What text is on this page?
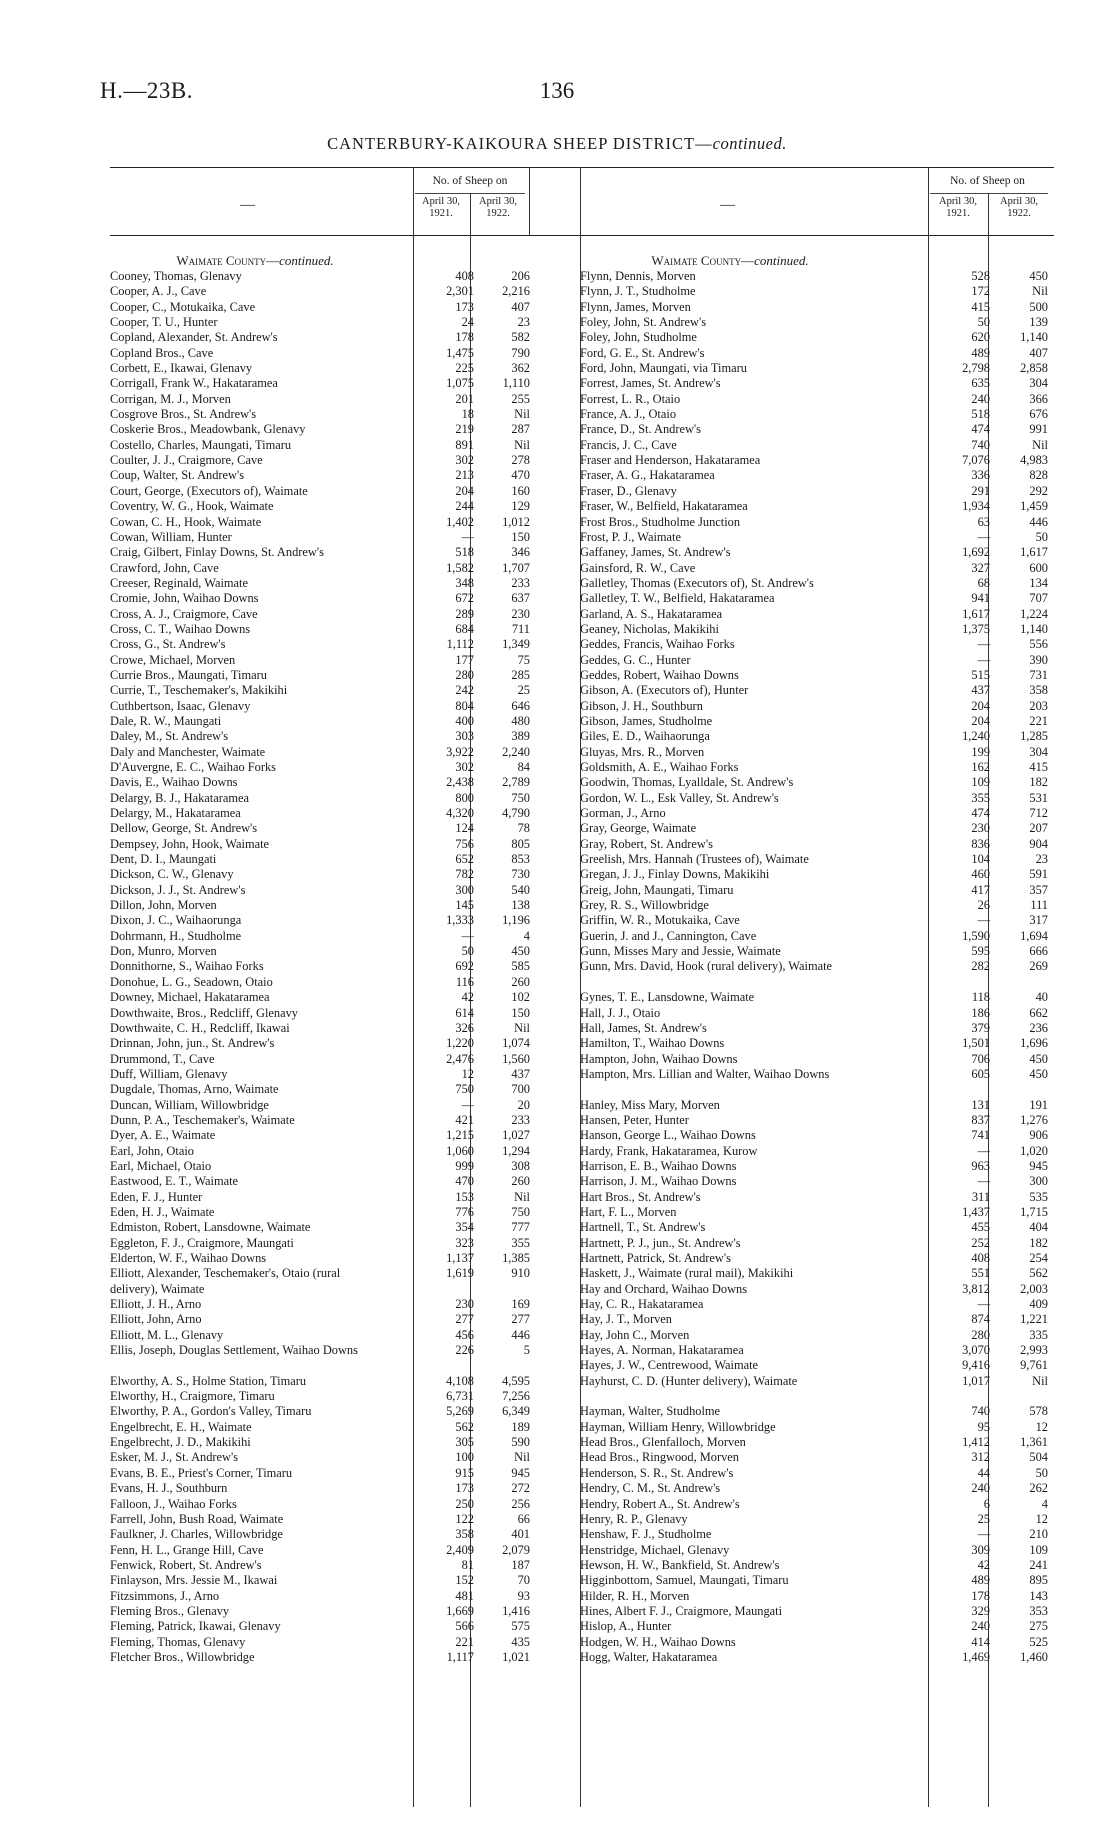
H.—23B.	136
CANTERBURY-KAIKOURA SHEEP DISTRICT—continued.
—
No. of Sheep on
April 30, 1921.
April 30, 1922.
Waimate County—continued.
Cooney, Thomas, Glenavy	408	206
Cooper, A. J., Cave	2,301	2,216
Cooper, C., Motukaika, Cave	173	407
Cooper, T. U., Hunter	24	23
Copland, Alexander, St. Andrew's	178	582
Copland Bros., Cave	1,475	790
Corbett, E., Ikawai, Glenavy	225	362
Corrigall, Frank W., Hakataramea	1,075	1,110
Corrigan, M. J., Morven	201	255
Cosgrove Bros., St. Andrew's	18	Nil
Coskerie Bros., Meadowbank, Glenavy	219	287
Costello, Charles, Maungati, Timaru	891	Nil
Coulter, J. J., Craigmore, Cave	302	278
Coup, Walter, St. Andrew's	213	470
Court, George, (Executors of), Waimate	204	160
Coventry, W. G., Hook, Waimate	244	129
Cowan, C. H., Hook, Waimate	1,402	1,012
Cowan, William, Hunter	—	150
Craig, Gilbert, Finlay Downs, St. Andrew's	518	346
Crawford, John, Cave	1,582	1,707
Creeser, Reginald, Waimate	348	233
Cromie, John, Waihao Downs	672	637
Cross, A. J., Craigmore, Cave	289	230
Cross, C. T., Waihao Downs	684	711
Cross, G., St. Andrew's	1,112	1,349
Crowe, Michael, Morven	177	75
Currie Bros., Maungati, Timaru	280	285
Currie, T., Teschemaker's, Makikihi	242	25
Cuthbertson, Isaac, Glenavy	804	646
Dale, R. W., Maungati	400	480
Daley, M., St. Andrew's	303	389
Daly and Manchester, Waimate	3,922	2,240
D'Auvergne, E. C., Waihao Forks	302	84
Davis, E., Waihao Downs	2,438	2,789
Delargy, B. J., Hakataramea	800	750
Delargy, M., Hakataramea	4,320	4,790
Dellow, George, St. Andrew's	124	78
Dempsey, John, Hook, Waimate	756	805
Dent, D. I., Maungati	652	853
Dickson, C. W., Glenavy	782	730
Dickson, J. J., St. Andrew's	300	540
Dillon, John, Morven	145	138
Dixon, J. C., Waihaorunga	1,333	1,196
Dohrmann, H., Studholme	—	4
Don, Munro, Morven	50	450
Donnithorne, S., Waihao Forks	692	585
Donohue, L. G., Seadown, Otaio	116	260
Downey, Michael, Hakataramea	42	102
Dowthwaite, Bros., Redcliff, Glenavy	614	150
Dowthwaite, C. H., Redcliff, Ikawai	326	Nil
Drinnan, John, jun., St. Andrew's	1,220	1,074
Drummond, T., Cave	2,476	1,560
Duff, William, Glenavy	12	437
Dugdale, Thomas, Arno, Waimate	750	700
Duncan, William, Willowbridge	—	20
Dunn, P. A., Teschemaker's, Waimate	421	233
Dyer, A. E., Waimate	1,215	1,027
Earl, John, Otaio	1,060	1,294
Earl, Michael, Otaio	999	308
Eastwood, E. T., Waimate	470	260
Eden, F. J., Hunter	153	Nil
Eden, H. J., Waimate	776	750
Edmiston, Robert, Lansdowne, Waimate	354	777
Eggleton, F. J., Craigmore, Maungati	323	355
Elderton, W. F., Waihao Downs	1,137	1,385
Elliott, Alexander, Teschemaker's, Otaio (rural delivery), Waimate
1,619	910
Elliott, J. H., Arno	230	169
Elliott, John, Arno	277	277
Elliott, M. L., Glenavy	456	446
Ellis, Joseph, Douglas Settlement, Waihao Downs	226	5
Elworthy, A. S., Holme Station, Timaru	4,108	4,595
Elworthy, H., Craigmore, Timaru	6,731	7,256
Elworthy, P. A., Gordon's Valley, Timaru	5,269	6,349
Engelbrecht, E. H., Waimate	562	189
Engelbrecht, J. D., Makikihi	305	590
Esker, M. J., St. Andrew's	100	Nil
Evans, B. E., Priest's Corner, Timaru	915	945
Evans, H. J., Southburn	173	272
Falloon, J., Waihao Forks	250	256
Farrell, John, Bush Road, Waimate	122	66
Faulkner, J. Charles, Willowbridge	358	401
Fenn, H. L., Grange Hill, Cave	2,409	2,079
Fenwick, Robert, St. Andrew's	81	187
Finlayson, Mrs. Jessie M., Ikawai	152	70
Fitzsimmons, J., Arno	481	93
Fleming Bros., Glenavy	1,669	1,416
Fleming, Patrick, Ikawai, Glenavy	566	575
Fleming, Thomas, Glenavy	221	435
Fletcher Bros., Willowbridge	1,117	1,021
—
No. of Sheep on
April 30, 1921.
April 30, 1922.
Waimate County—continued.
Flynn, Dennis, Morven	528	450
Flynn, J. T., Studholme	172	Nil
Flynn, James, Morven	415	500
Foley, John, St. Andrew's	50	139
Foley, John, Studholme	620	1,140
Ford, G. E., St. Andrew's	489	407
Ford, John, Maungati, via Timaru	2,798	2,858
Forrest, James, St. Andrew's	635	304
Forrest, L. R., Otaio	240	366
France, A. J., Otaio	518	676
France, D., St. Andrew's	474	991
Francis, J. C., Cave	740	Nil
Fraser and Henderson, Hakataramea	7,076	4,983
Fraser, A. G., Hakataramea	336	828
Fraser, D., Glenavy	291	292
Fraser, W., Belfield, Hakataramea	1,934	1,459
Frost Bros., Studholme Junction	63	446
Frost, P. J., Waimate	—	50
Gaffaney, James, St. Andrew's	1,692	1,617
Gainsford, R. W., Cave	327	600
Galletley, Thomas (Executors of), St. Andrew's	68	134
Galletley, T. W., Belfield, Hakataramea	941	707
Garland, A. S., Hakataramea	1,617	1,224
Geaney, Nicholas, Makikihi	1,375	1,140
Geddes, Francis, Waihao Forks	—	556
Geddes, G. C., Hunter	—	390
Geddes, Robert, Waihao Downs	515	731
Gibson, A. (Executors of), Hunter	437	358
Gibson, J. H., Southburn	204	203
Gibson, James, Studholme	204	221
Giles, E. D., Waihaorunga	1,240	1,285
Gluyas, Mrs. R., Morven	199	304
Goldsmith, A. E., Waihao Forks	162	415
Goodwin, Thomas, Lyalldale, St. Andrew's	109	182
Gordon, W. L., Esk Valley, St. Andrew's	355	531
Gorman, J., Arno	474	712
Gray, George, Waimate	230	207
Gray, Robert, St. Andrew's	836	904
Greelish, Mrs. Hannah (Trustees of), Waimate	104	23
Gregan, J. J., Finlay Downs, Makikihi	460	591
Greig, John, Maungati, Timaru	417	357
Grey, R. S., Willowbridge	26	111
Griffin, W. R., Motukaika, Cave	—	317
Guerin, J. and J., Cannington, Cave	1,590	1,694
Gunn, Misses Mary and Jessie, Waimate	595	666
Gunn, Mrs. David, Hook (rural delivery), Waimate	282	269
Gynes, T. E., Lansdowne, Waimate	118	40
Hall, J. J., Otaio	186	662
Hall, James, St. Andrew's	379	236
Hamilton, T., Waihao Downs	1,501	1,696
Hampton, John, Waihao Downs	706	450
Hampton, Mrs. Lillian and Walter, Waihao Downs	605	450
Hanley, Miss Mary, Morven	131	191
Hansen, Peter, Hunter	837	1,276
Hanson, George L., Waihao Downs	741	906
Hardy, Frank, Hakataramea, Kurow	—	1,020
Harrison, E. B., Waihao Downs	963	945
Harrison, J. M., Waihao Downs	—	300
Hart Bros., St. Andrew's	311	535
Hart, F. L., Morven	1,437	1,715
Hartnell, T., St. Andrew's	455	404
Hartnett, P. J., jun., St. Andrew's	252	182
Hartnett, Patrick, St. Andrew's	408	254
Haskett, J., Waimate (rural mail), Makikihi	551	562
Hay and Orchard, Waihao Downs	3,812	2,003
Hay, C. R., Hakataramea	—	409
Hay, J. T., Morven	874	1,221
Hay, John C., Morven	280	335
Hayes, A. Norman, Hakataramea	3,070	2,993
Hayes, J. W., Centrewood, Waimate	9,416	9,761
Hayhurst, C. D. (Hunter delivery), Waimate	1,017	Nil
Hayman, Walter, Studholme	740	578
Hayman, William Henry, Willowbridge	95	12
Head Bros., Glenfalloch, Morven	1,412	1,361
Head Bros., Ringwood, Morven	312	504
Henderson, S. R., St. Andrew's	44	50
Hendry, C. M., St. Andrew's	240	262
Hendry, Robert A., St. Andrew's	6	4
Henry, R. P., Glenavy	25	12
Henshaw, F. J., Studholme	—	210
Henstridge, Michael, Glenavy	309	109
Hewson, H. W., Bankfield, St. Andrew's	42	241
Higginbottom, Samuel, Maungati, Timaru	489	895
Hilder, R. H., Morven	178	143
Hines, Albert F. J., Craigmore, Maungati	329	353
Hislop, A., Hunter	240	275
Hodgen, W. H., Waihao Downs	414	525
Hogg, Walter, Hakataramea	1,469	1,460
